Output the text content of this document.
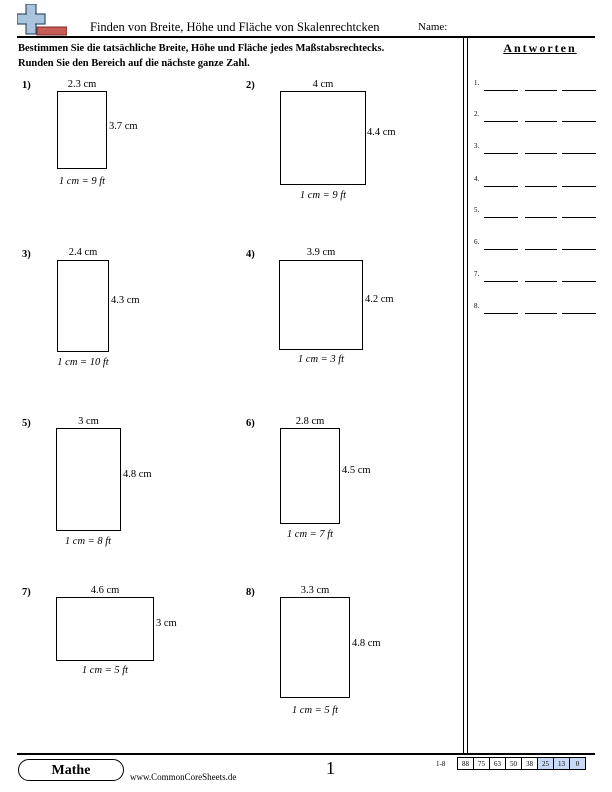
Finden von Breite, Höhe und Fläche von Skalenrechtcken	Name:
Bestimmen Sie die tatsächliche Breite, Höhe und Fläche jedes Maßstabsrechtecks.
Runden Sie den Bereich auf die nächste ganze Zahl.
1)	2.3 cm
3.7 cm
1 cm = 9 ft
2)	4 cm
4.4 cm
1 cm = 9 ft
3)	2.4 cm
4.3 cm
1 cm = 10 ft
4)	3.9 cm
4.2 cm
1 cm = 3 ft
5)	3 cm
4.8 cm
1 cm = 8 ft
6)	2.8 cm
4.5 cm
1 cm = 7 ft
7)	4.6 cm
3 cm
1 cm = 5 ft
8)	3.3 cm
4.8 cm
1 cm = 5 ft
Antworten
1.
2.
3.
4.
5.
6.
7.
8.
Mathe	www.CommonCoreSheets.de	1	1-8 88	75	63	50	38	25	13	0
